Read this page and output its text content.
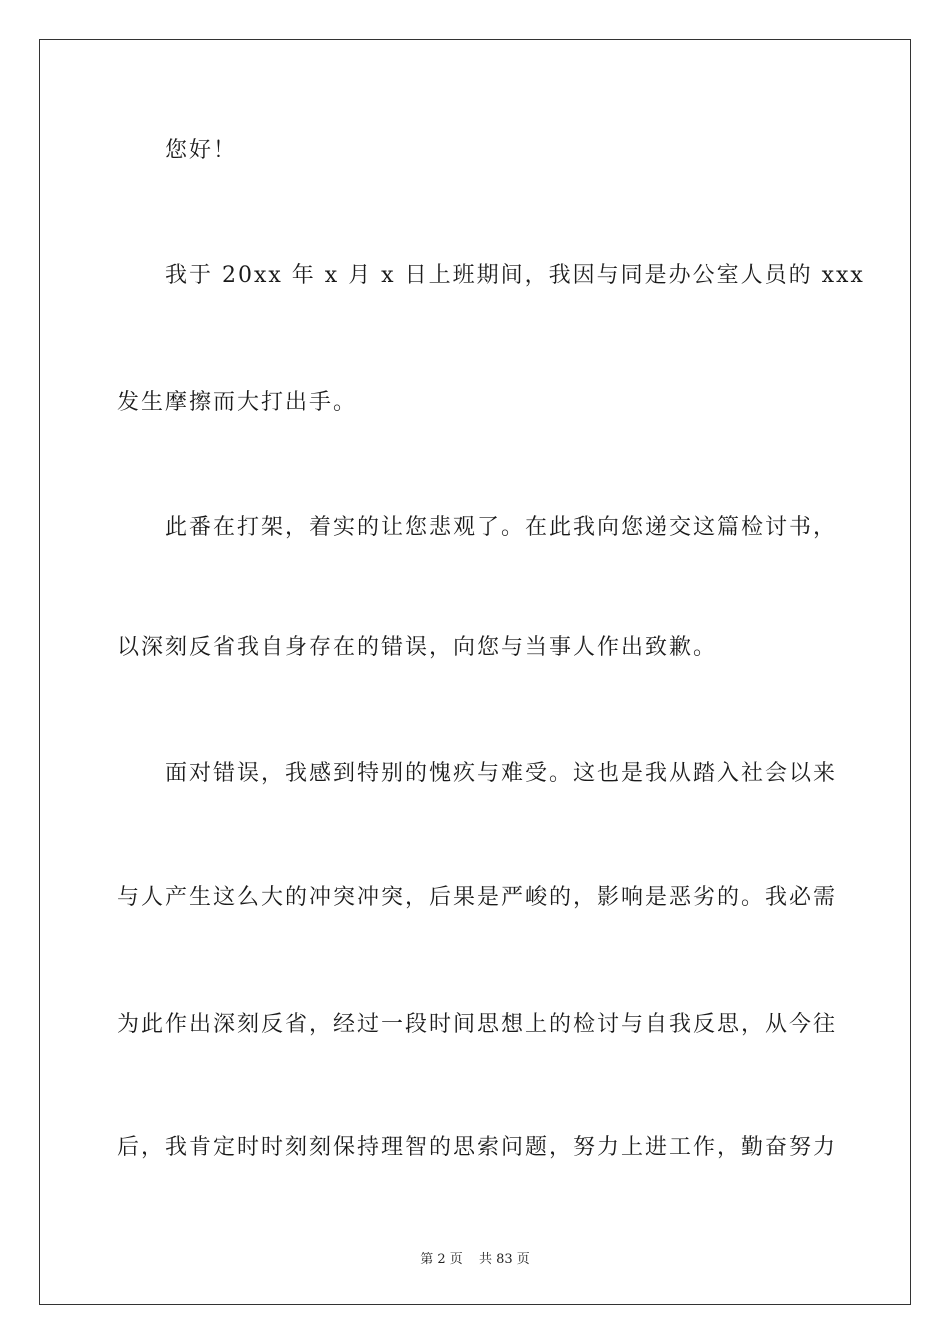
您好！
我于 20xx 年 x 月 x 日上班期间，我因与同是办公室人员的 xxx
发生摩擦而大打出手。
此番在打架，着实的让您悲观了。在此我向您递交这篇检讨书，
以深刻反省我自身存在的错误，向您与当事人作出致歉。
面对错误，我感到特别的愧疚与难受。这也是我从踏入社会以来
与人产生这么大的冲突冲突，后果是严峻的，影响是恶劣的。我必需
为此作出深刻反省，经过一段时间思想上的检讨与自我反思，从今往
后，我肯定时时刻刻保持理智的思索问题，努力上进工作，勤奋努力
第 2 页 共 83 页
